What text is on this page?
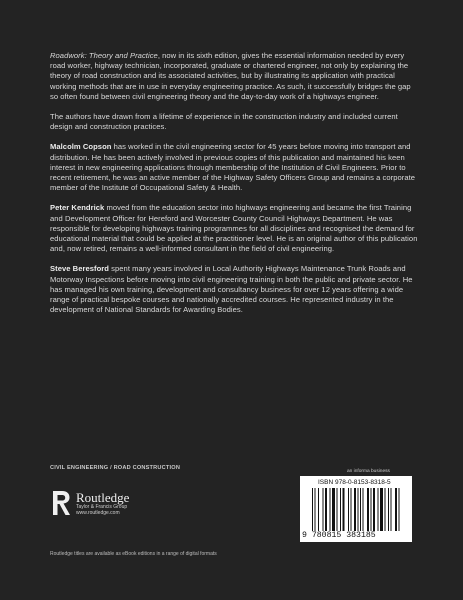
Roadwork: Theory and Practice, now in its sixth edition, gives the essential information needed by every road worker, highway technician, incorporated, graduate or chartered engineer, not only by explaining the theory of road construction and its associated activities, but by illustrating its application with practical working methods that are in use in everyday engineering practice. As such, it successfully bridges the gap so often found between civil engineering theory and the day-to-day work of a highways engineer.

The authors have drawn from a lifetime of experience in the construction industry and included current design and construction practices.

Malcolm Copson has worked in the civil engineering sector for 45 years before moving into transport and distribution. He has been actively involved in previous copies of this publication and maintained his keen interest in new engineering applications through membership of the Institution of Civil Engineers. Prior to recent retirement, he was an active member of the Highway Safety Officers Group and remains a corporate member of the Institute of Occupational Safety & Health.

Peter Kendrick moved from the education sector into highways engineering and became the first Training and Development Officer for Hereford and Worcester County Council Highways Department. He was responsible for developing highways training programmes for all disciplines and recognised the demand for educational material that could be applied at the practitioner level. He is an original author of this publication and, now retired, remains a well-informed consultant in the field of civil engineering.

Steve Beresford spent many years involved in Local Authority Highways Maintenance Trunk Roads and Motorway Inspections before moving into civil engineering training in both the public and private sector. He has managed his own training, development and consultancy business for over 12 years offering a wide range of practical bespoke courses and nationally accredited courses. He represented industry in the development of National Standards for Awarding Bodies.

CIVIL ENGINEERING / ROAD CONSTRUCTION
Routledge
Taylor & Francis Group
www.routledge.com
Routledge titles are available as eBook editions in a range of digital formats
an informa business
ISBN 978-0-8153-8318-5
9 780815 383185
